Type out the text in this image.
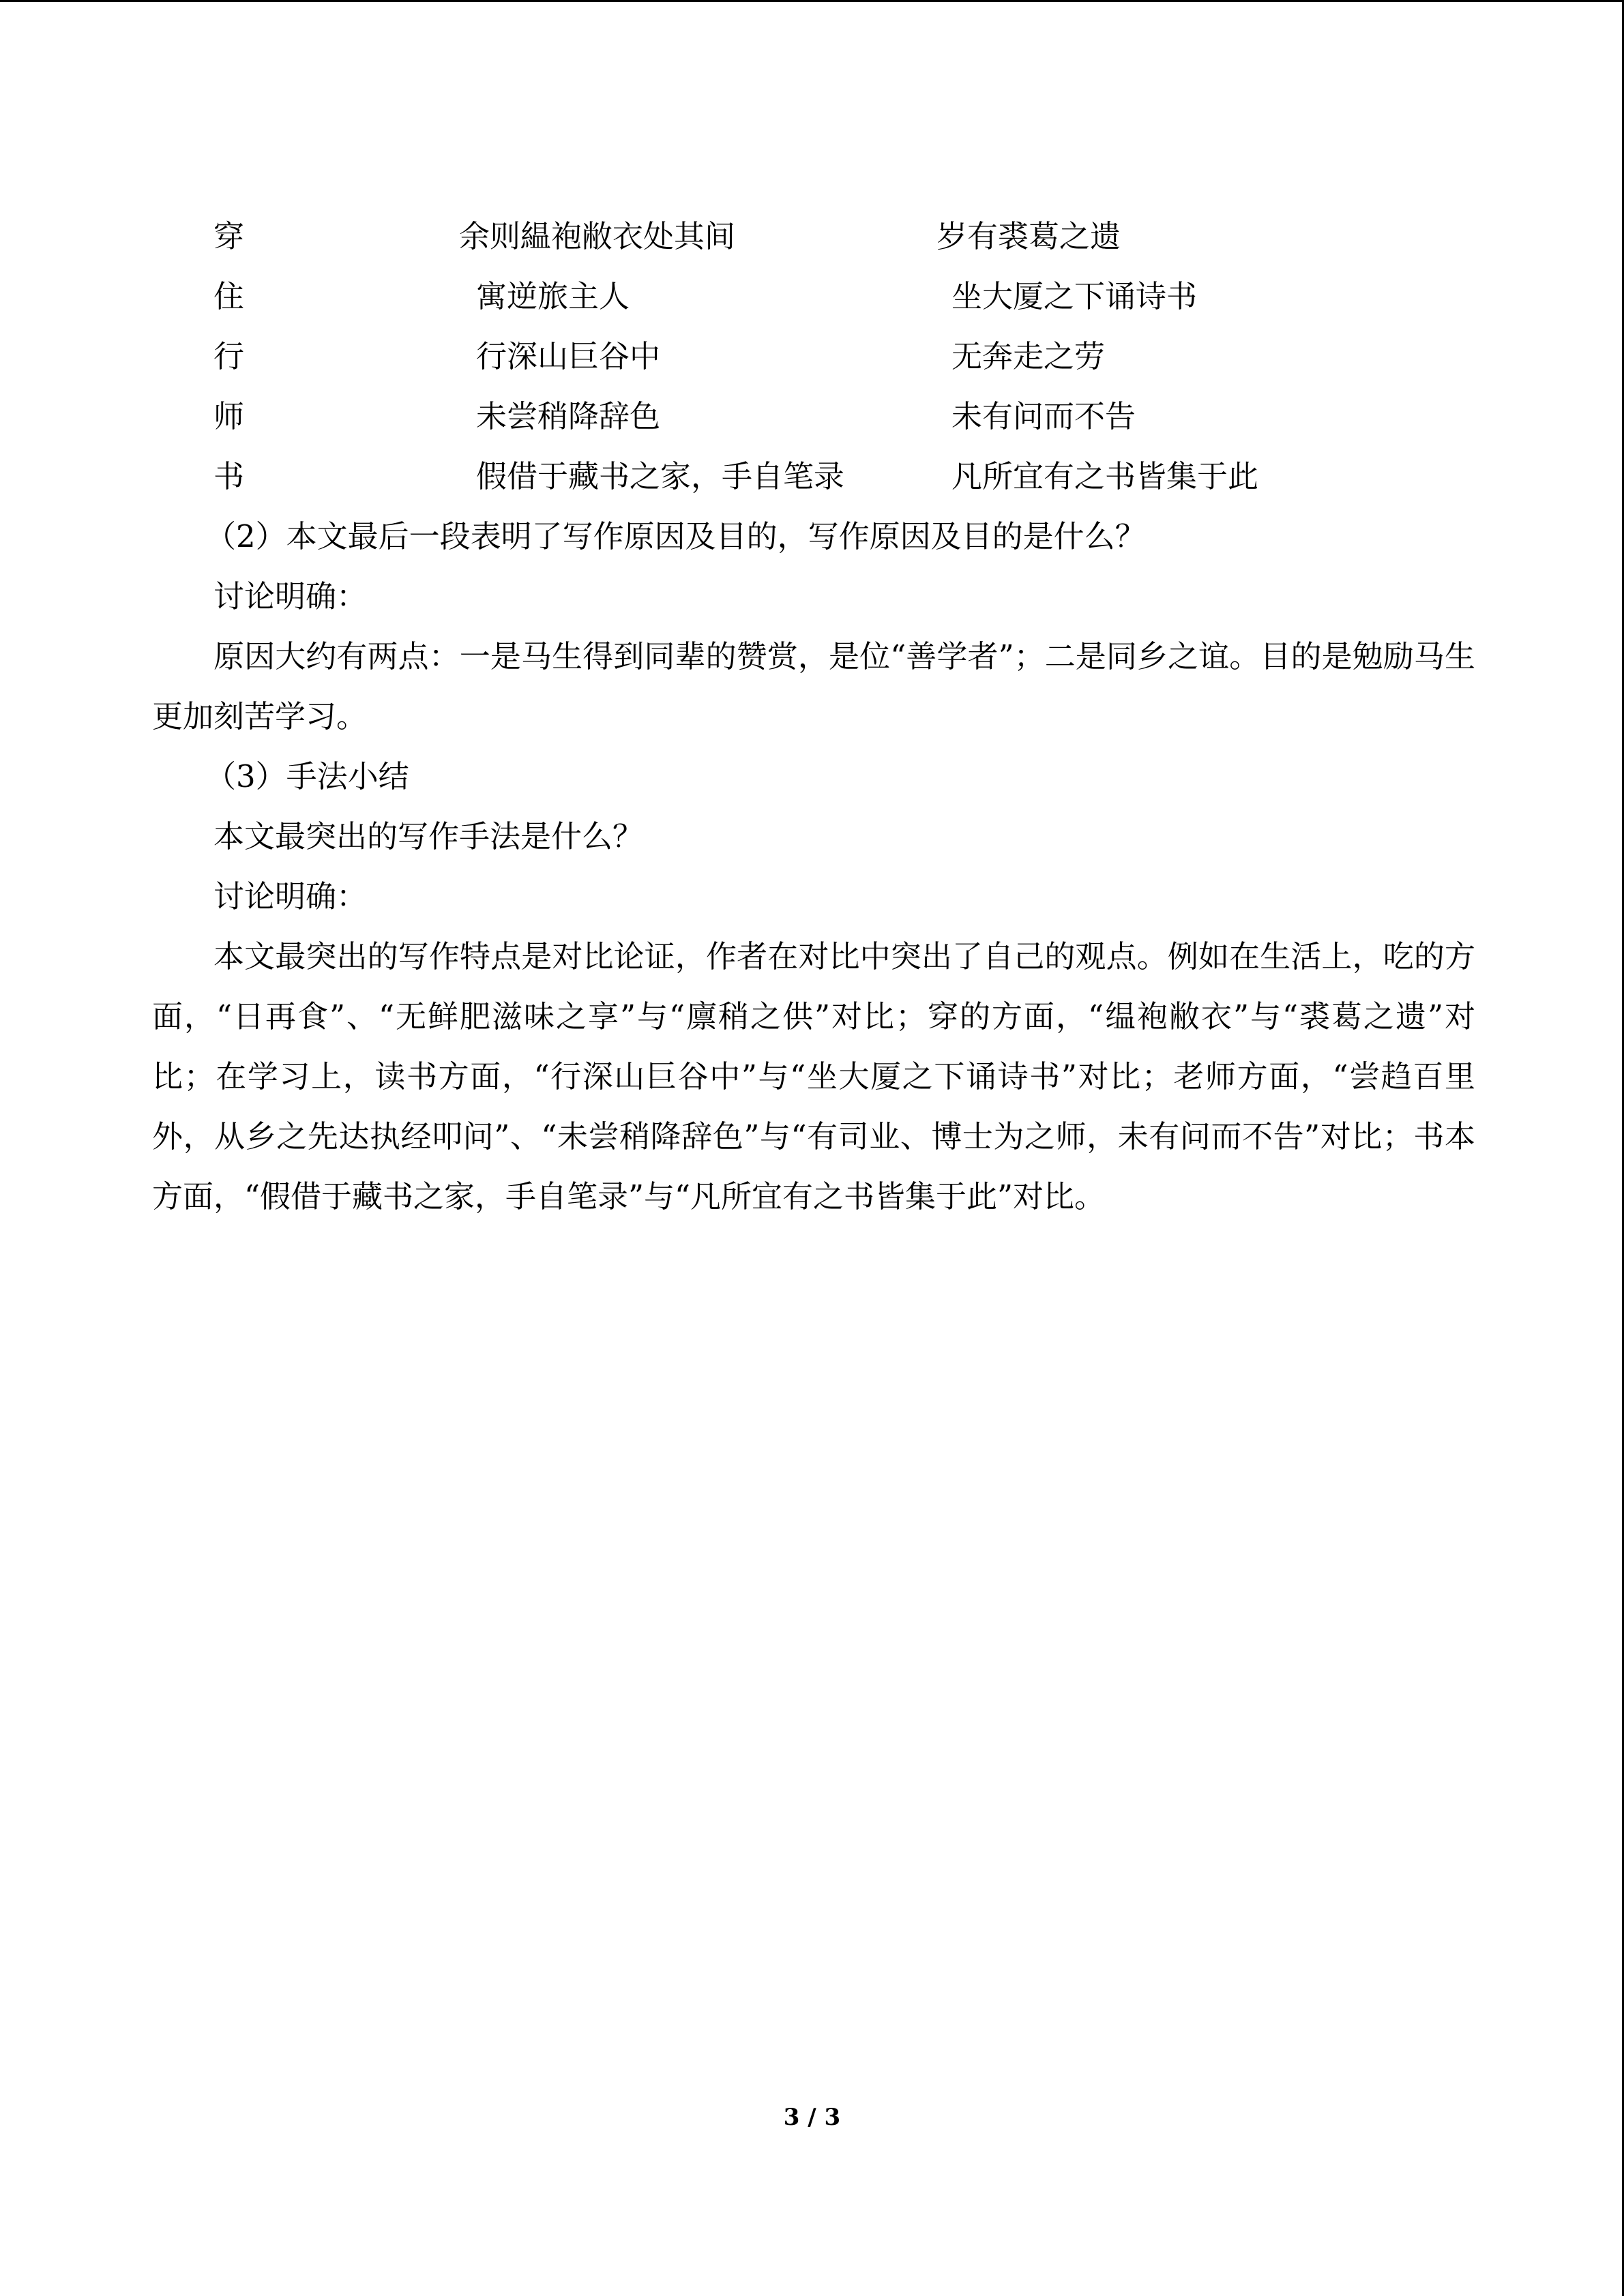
穿	余则緼袍敝衣处其间	岁有裘葛之遗
住	寓逆旅主人	坐大厦之下诵诗书
行	行深山巨谷中	无奔走之劳
师	未尝稍降辞色	未有问而不告
书	假借于藏书之家，手自笔录	凡所宜有之书皆集于此

（2）本文最后一段表明了写作原因及目的，写作原因及目的是什么？

讨论明确：

原因大约有两点：一是马生得到同辈的赞赏，是位“善学者”；二是同乡之谊。目的是勉励马生更加刻苦学习。

（3）手法小结

本文最突出的写作手法是什么？

讨论明确：

本文最突出的写作特点是对比论证，作者在对比中突出了自己的观点。例如在生活上，吃的方面，“日再食”、“无鲜肥滋味之享”与“廪稍之供”对比；穿的方面，“缊袍敝衣”与“裘葛之遗”对比；在学习上，读书方面，“行深山巨谷中”与“坐大厦之下诵诗书”对比；老师方面，“尝趋百里外，从乡之先达执经叩问”、“未尝稍降辞色”与“有司业、博士为之师，未有问而不告”对比；书本方面，“假借于藏书之家，手自笔录”与“凡所宜有之书皆集于此”对比。

3 / 3
